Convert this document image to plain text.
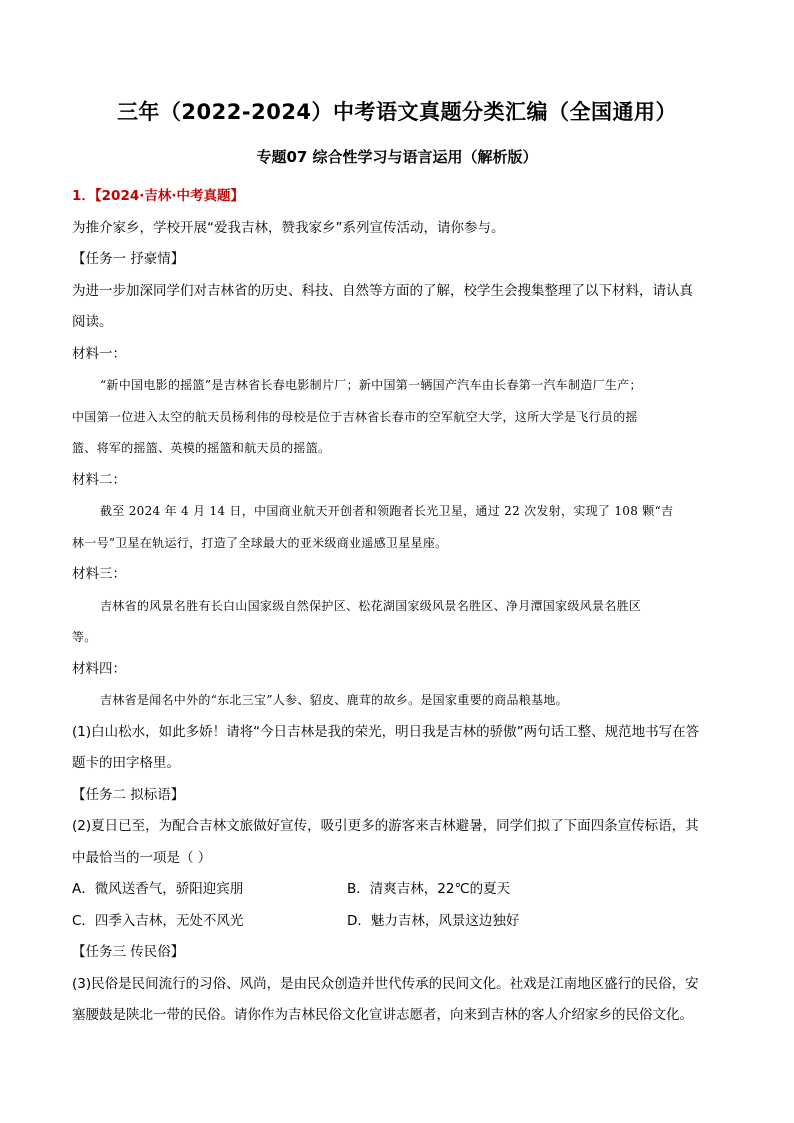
三年（2022-2024）中考语文真题分类汇编（全国通用）
专题07 综合性学习与语言运用（解析版）
1．【2024·吉林·中考真题】
为推介家乡，学校开展“爱我吉林，赞我家乡”系列宣传活动，请你参与。
【任务一 抒豪情】
为进一步加深同学们对吉林省的历史、科技、自然等方面的了解，校学生会搜集整理了以下材料，请认真
阅读。
材料一：
“新中国电影的摇篮”是吉林省长春电影制片厂；新中国第一辆国产汽车由长春第一汽车制造厂生产；
中国第一位进入太空的航天员杨利伟的母校是位于吉林省长春市的空军航空大学，这所大学是飞行员的摇
篮、将军的摇篮、英模的摇篮和航天员的摇篮。
材料二：
截至 2024 年 4 月 14 日，中国商业航天开创者和领跑者长光卫星，通过 22 次发射，实现了 108 颗“吉
林一号”卫星在轨运行，打造了全球最大的亚米级商业遥感卫星星座。
材料三：
吉林省的风景名胜有长白山国家级自然保护区、松花湖国家级风景名胜区、净月潭国家级风景名胜区
等。
材料四：
吉林省是闻名中外的“东北三宝”人参、貂皮、鹿茸的故乡。是国家重要的商品粮基地。
(1)白山松水，如此多娇！请将“今日吉林是我的荣光，明日我是吉林的骄傲”两句话工整、规范地书写在答
题卡的田字格里。
【任务二 拟标语】
(2)夏日已至，为配合吉林文旅做好宣传，吸引更多的游客来吉林避暑，同学们拟了下面四条宣传标语，其
中最恰当的一项是（ ）
A．微风送香气，骄阳迎宾朋	B．清爽吉林，22℃的夏天
C．四季入吉林，无处不风光	D．魅力吉林，风景这边独好
【任务三 传民俗】
(3)民俗是民间流行的习俗、风尚，是由民众创造并世代传承的民间文化。社戏是江南地区盛行的民俗，安
塞腰鼓是陕北一带的民俗。请你作为吉林民俗文化宣讲志愿者，向来到吉林的客人介绍家乡的民俗文化。
